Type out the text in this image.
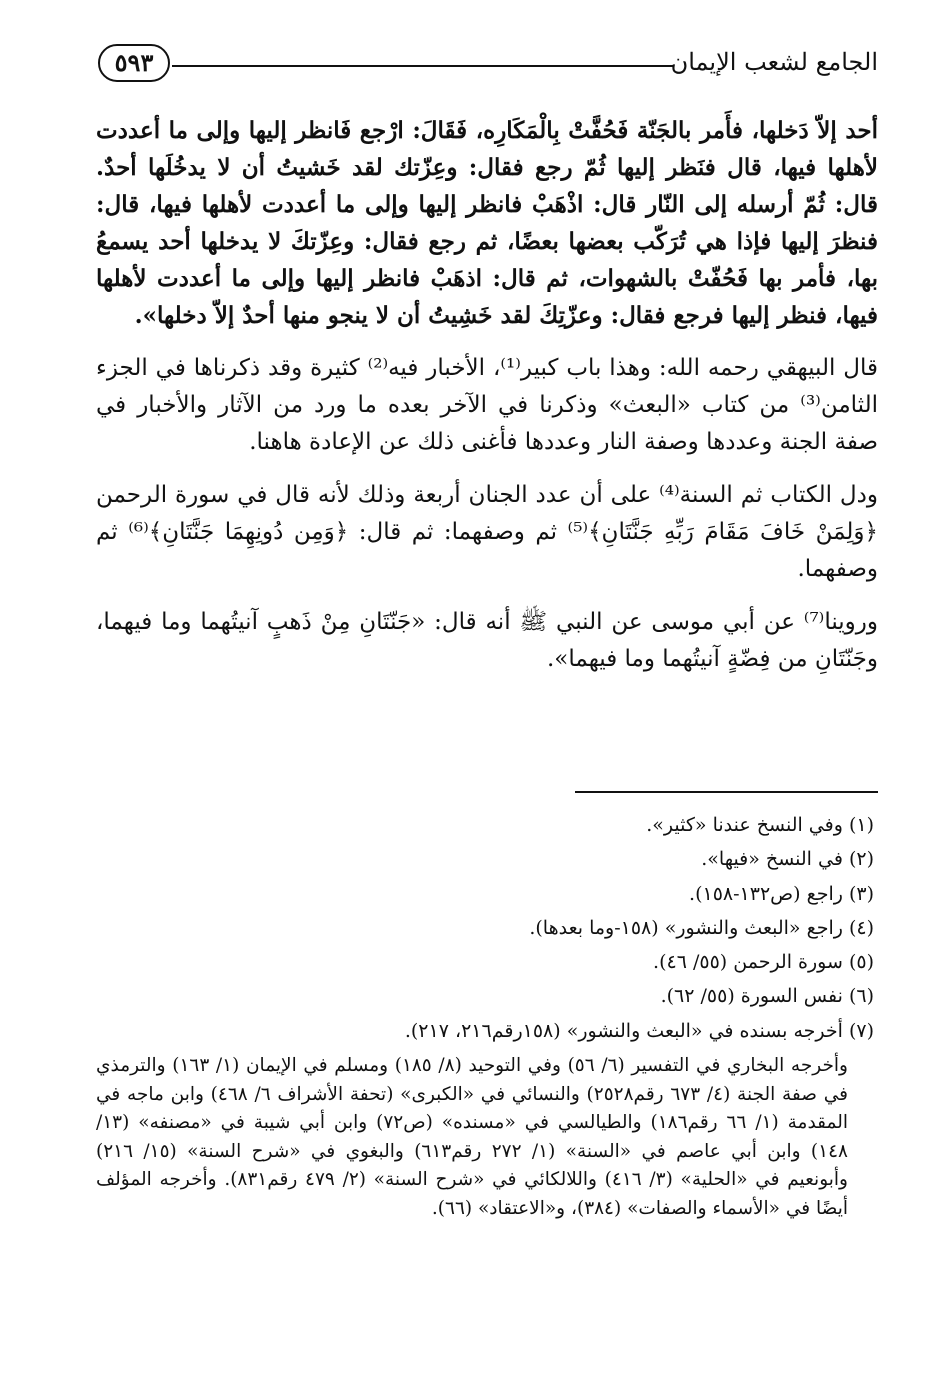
الجامع لشعب الإيمان
٥٩٣

أحد إلاّ دَخلها، فأَمر بالجَنّة فَحُفَّتْ بِالْمَكَارِه، فَقَالَ: ارْجع فَانظر إليها وإلى ما أعددت لأهلها فيها، قال فنَظر إليها ثُمّ رجع فقال: وعِزّتك لقد خَشيتُ أن لا يدخُلَها أحدٌ. قال: ثُمّ أرسله إلى النّار قال: اذْهَبْ فانظر إليها وإلى ما أعددت لأهلها فيها، قال: فنظرَ إليها فإذا هي تُرَكّب بعضها بعضًا، ثم رجع فقال: وعِزّتكَ لا يدخلها أحد يسمعُ بها، فأمر بها فَحُفّتْ بالشهوات، ثم قال: اذهَبْ فانظر إليها وإلى ما أعددت لأهلها فيها، فنظر إليها فرجع فقال: وعزّتِكَ لقد خَشِيتُ أن لا ينجو منها أحدٌ إلاّ دخلها».

قال البيهقي رحمه الله: وهذا باب كبير⁽¹⁾، الأخبار فيه⁽²⁾ كثيرة وقد ذكرناها في الجزء الثامن⁽³⁾ من كتاب «البعث» وذكرنا في الآخر بعده ما ورد من الآثار والأخبار في صفة الجنة وعددها وصفة النار وعددها فأغنى ذلك عن الإعادة هاهنا.

ودل الكتاب ثم السنة⁽⁴⁾ على أن عدد الجنان أربعة وذلك لأنه قال في سورة الرحمن ﴿وَلِمَنْ خَافَ مَقَامَ رَبِّهِ جَنَّتَانِ﴾⁽⁵⁾ ثم وصفهما: ثم قال: ﴿وَمِن دُونِهِمَا جَنَّتَانِ﴾⁽⁶⁾ ثم وصفهما.

وروينا⁽⁷⁾ عن أبي موسى عن النبي ﷺ أنه قال: «جَنّتَانِ مِنْ ذَهبٍ آنيتُهما وما فيهما، وجَنّتَانِ من فِضّةٍ آنيتُهما وما فيهما».

(١) وفي النسخ عندنا «كثير».

(٢) في النسخ «فيها».

(٣) راجع (ص١٣٢-١٥٨).

(٤) راجع «البعث والنشور» (١٥٨-وما بعدها).

(٥) سورة الرحمن (٥٥/ ٤٦).

(٦) نفس السورة (٥٥/ ٦٢).

(٧) أخرجه بسنده في «البعث والنشور» (١٥٨رقم٢١٦، ٢١٧).

وأخرجه البخاري في التفسير (٦/ ٥٦) وفي التوحيد (٨/ ١٨٥) ومسلم في الإيمان (١/ ١٦٣) والترمذي في صفة الجنة (٤/ ٦٧٣ رقم٢٥٢٨) والنسائي في «الكبرى» (تحفة الأشراف ٦/ ٤٦٨) وابن ماجه في المقدمة (١/ ٦٦ رقم١٨٦) والطيالسي في «مسنده» (ص٧٢) وابن أبي شيبة في «مصنفه» (١٣/ ١٤٨) وابن أبي عاصم في «السنة» (١/ ٢٧٢ رقم٦١٣) والبغوي في «شرح السنة» (١٥/ ٢١٦) وأبونعيم في «الحلية» (٣/ ٤١٦) واللالكائي في «شرح السنة» (٢/ ٤٧٩ رقم٨٣١). وأخرجه المؤلف أيضًا في «الأسماء والصفات» (٣٨٤)، و«الاعتقاد» (٦٦).
